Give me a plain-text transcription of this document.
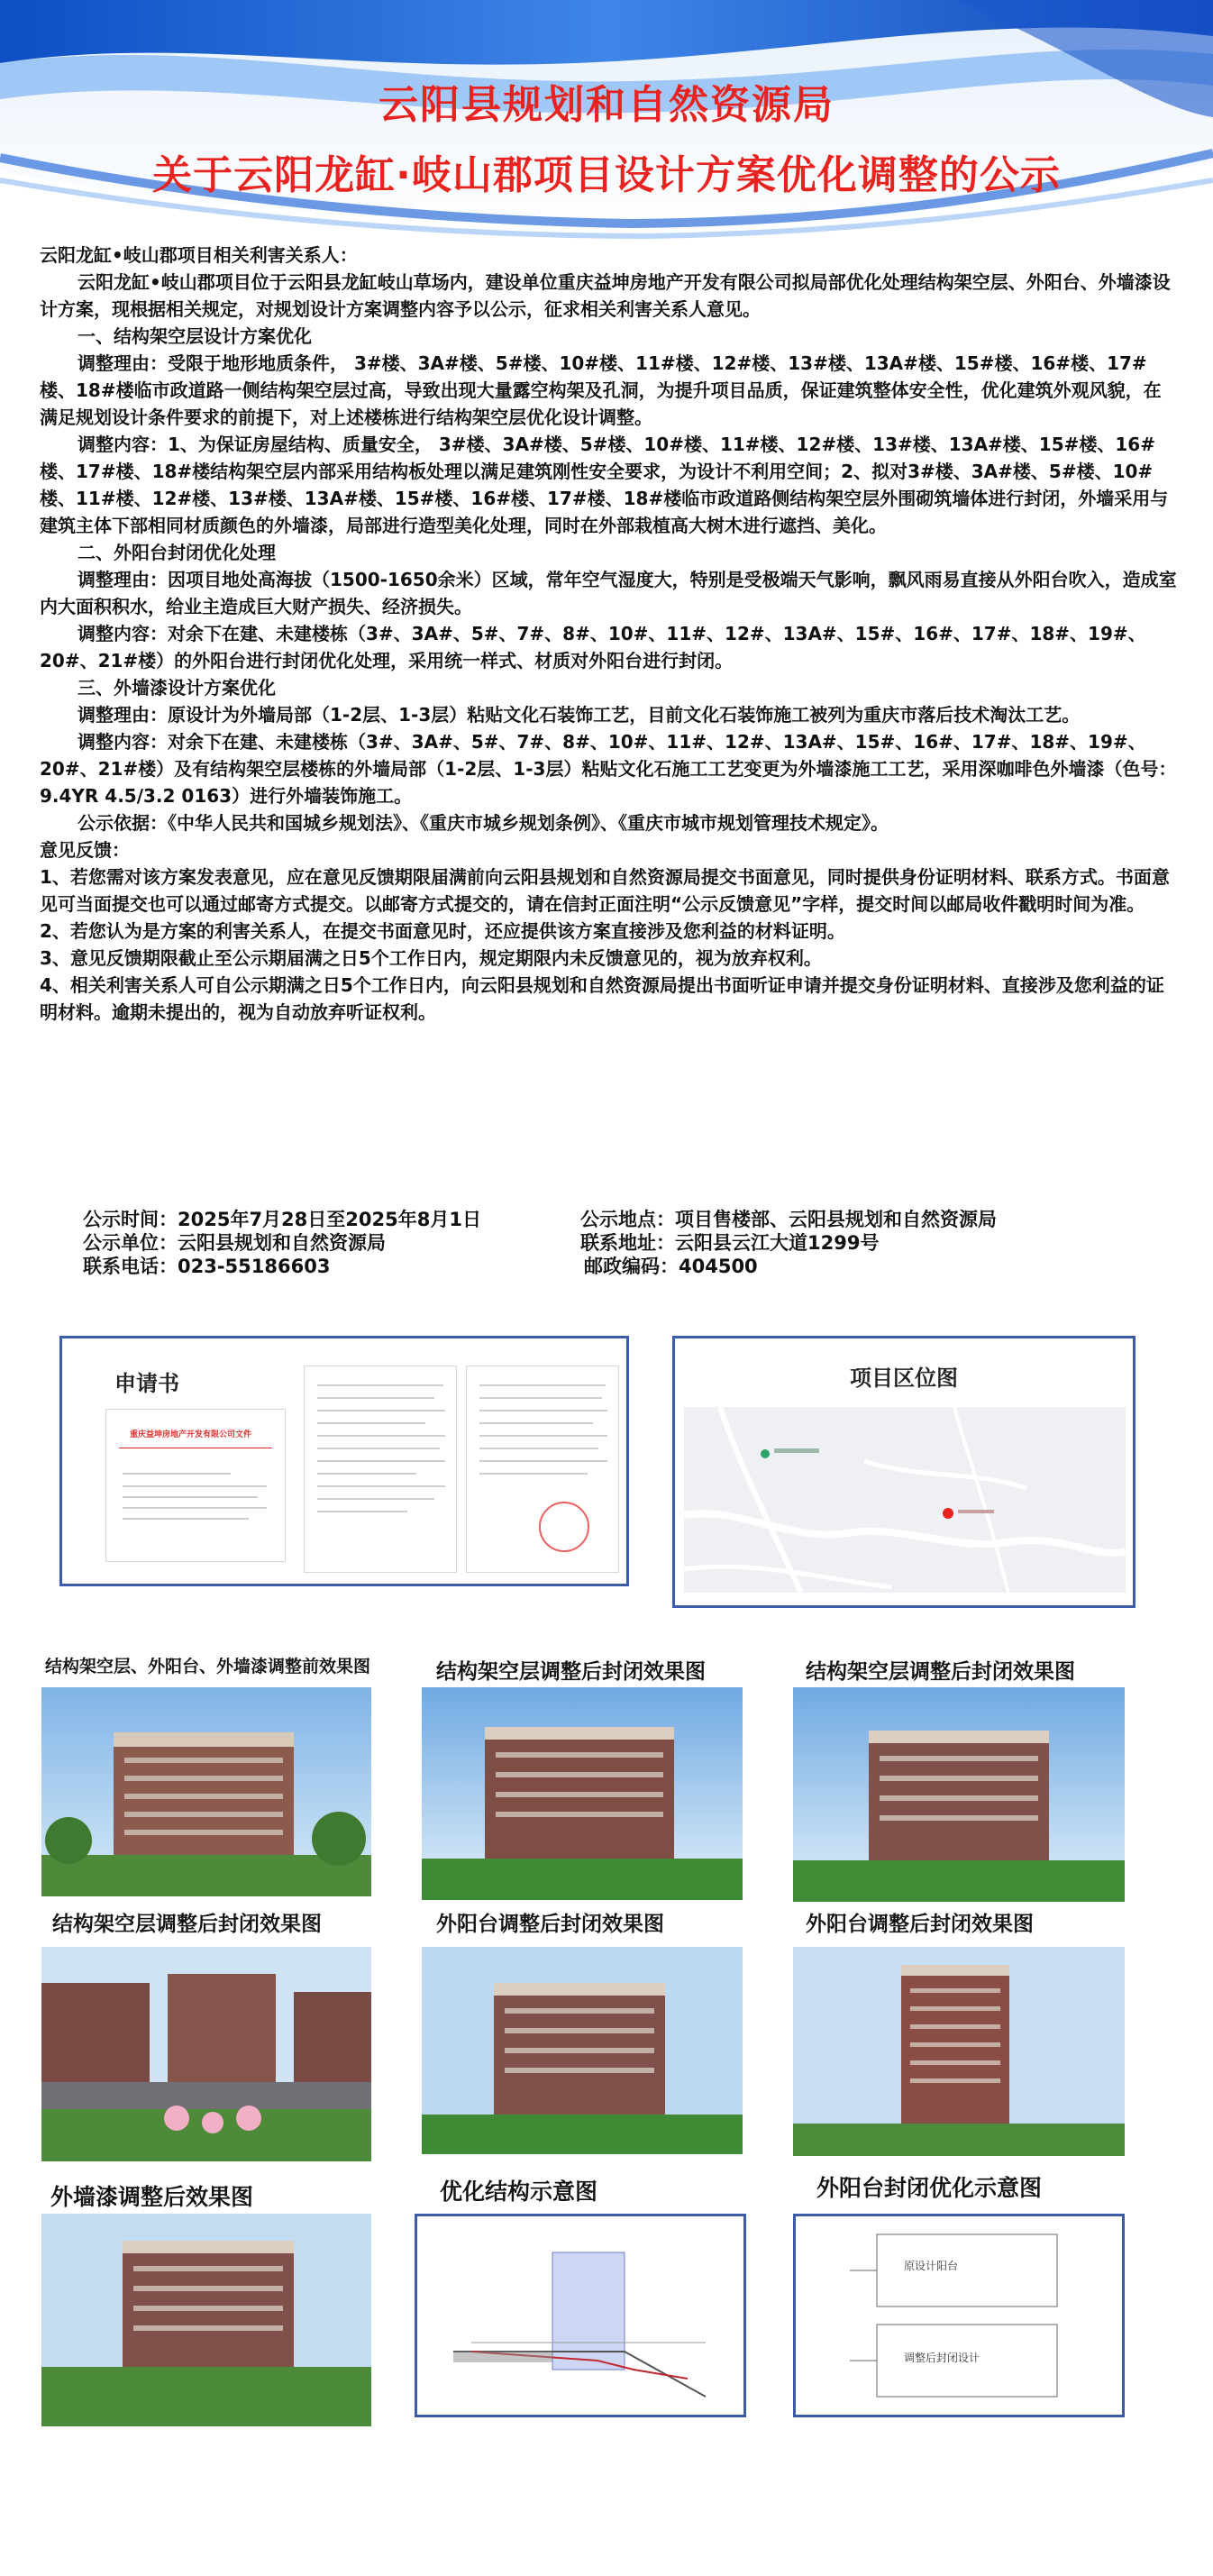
云阳县规划和自然资源局
关于云阳龙缸·岐山郡项目设计方案优化调整的公示

云阳龙缸•岐山郡项目相关利害关系人：

云阳龙缸•岐山郡项目位于云阳县龙缸岐山草场内，建设单位重庆益坤房地产开发有限公司拟局部优化处理结构架空层、外阳台、外墙漆设计方案，现根据相关规定，对规划设计方案调整内容予以公示，征求相关利害关系人意见。

一、结构架空层设计方案优化

调整理由：受限于地形地质条件， 3#楼、3A#楼、5#楼、10#楼、11#楼、12#楼、13#楼、13A#楼、15#楼、16#楼、17#楼、18#楼临市政道路一侧结构架空层过高，导致出现大量露空构架及孔洞，为提升项目品质，保证建筑整体安全性，优化建筑外观风貌，在满足规划设计条件要求的前提下，对上述楼栋进行结构架空层优化设计调整。

调整内容：1、为保证房屋结构、质量安全， 3#楼、3A#楼、5#楼、10#楼、11#楼、12#楼、13#楼、13A#楼、15#楼、16#楼、17#楼、18#楼结构架空层内部采用结构板处理以满足建筑刚性安全要求，为设计不利用空间；2、拟对3#楼、3A#楼、5#楼、10#楼、11#楼、12#楼、13#楼、13A#楼、15#楼、16#楼、17#楼、18#楼临市政道路侧结构架空层外围砌筑墙体进行封闭，外墙采用与建筑主体下部相同材质颜色的外墙漆，局部进行造型美化处理，同时在外部栽植高大树木进行遮挡、美化。

二、外阳台封闭优化处理

调整理由：因项目地处高海拔（1500-1650余米）区域，常年空气湿度大，特别是受极端天气影响，飘风雨易直接从外阳台吹入，造成室内大面积积水，给业主造成巨大财产损失、经济损失。

调整内容：对余下在建、未建楼栋（3#、3A#、5#、7#、8#、10#、11#、12#、13A#、15#、16#、17#、18#、19#、20#、21#楼）的外阳台进行封闭优化处理，采用统一样式、材质对外阳台进行封闭。

三、外墙漆设计方案优化

调整理由：原设计为外墙局部（1-2层、1-3层）粘贴文化石装饰工艺，目前文化石装饰施工被列为重庆市落后技术淘汰工艺。

调整内容：对余下在建、未建楼栋（3#、3A#、5#、7#、8#、10#、11#、12#、13A#、15#、16#、17#、18#、19#、20#、21#楼）及有结构架空层楼栋的外墙局部（1-2层、1-3层）粘贴文化石施工工艺变更为外墙漆施工工艺，采用深咖啡色外墙漆（色号：9.4YR 4.5/3.2 0163）进行外墙装饰施工。

公示依据：《中华人民共和国城乡规划法》、《重庆市城乡规划条例》、《重庆市城市规划管理技术规定》。

意见反馈：

1、若您需对该方案发表意见，应在意见反馈期限届满前向云阳县规划和自然资源局提交书面意见，同时提供身份证明材料、联系方式。书面意见可当面提交也可以通过邮寄方式提交。以邮寄方式提交的，请在信封正面注明“公示反馈意见”字样，提交时间以邮局收件戳明时间为准。

2、若您认为是方案的利害关系人，在提交书面意见时，还应提供该方案直接涉及您利益的材料证明。

3、意见反馈期限截止至公示期届满之日5个工作日内，规定期限内未反馈意见的，视为放弃权利。

4、相关利害关系人可自公示期满之日5个工作日内，向云阳县规划和自然资源局提出书面听证申请并提交身份证明材料、直接涉及您利益的证明材料。逾期未提出的，视为自动放弃听证权利。

公示时间：2025年7月28日至2025年8月1日	公示地点：项目售楼部、云阳县规划和自然资源局
公示单位：云阳县规划和自然资源局	联系地址：云阳县云江大道1299号
联系电话：023-55186603	邮政编码：404500
申请书
重庆益坤房地产开发有限公司文件
项目区位图
结构架空层、外阳台、外墙漆调整前效果图	结构架空层调整后封闭效果图	结构架空层调整后封闭效果图
结构架空层调整后封闭效果图	外阳台调整后封闭效果图	外阳台调整后封闭效果图
外墙漆调整后效果图	优化结构示意图	外阳台封闭优化示意图
原设计阳台
调整后封闭设计
